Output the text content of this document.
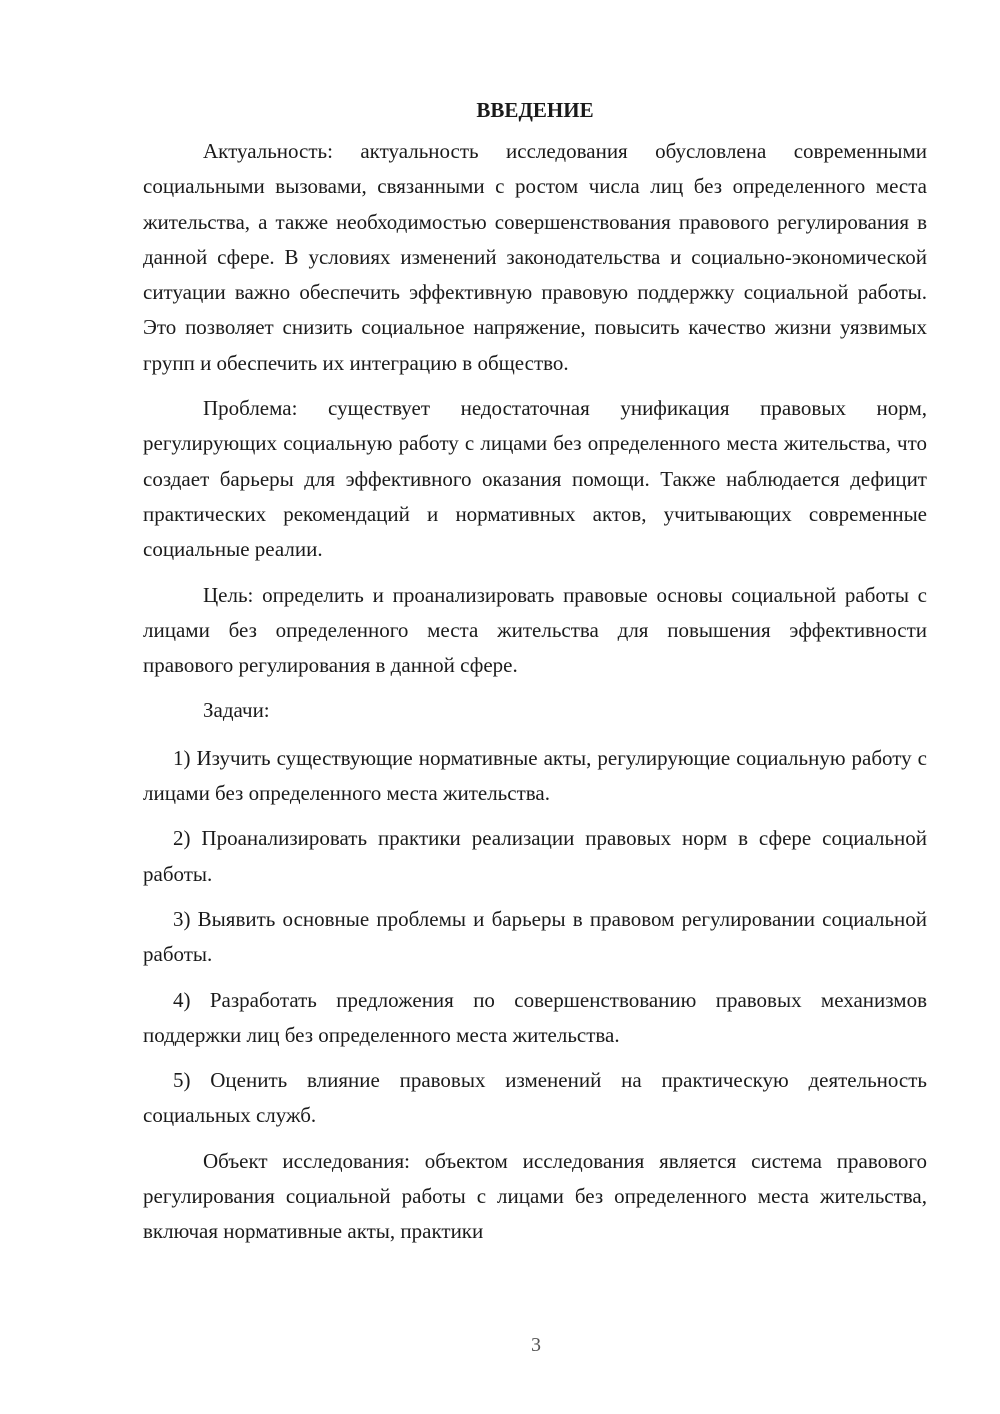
ВВЕДЕНИЕ

Актуальность: актуальность исследования обусловлена современными социальными вызовами, связанными с ростом числа лиц без определенного места жительства, а также необходимостью совершенствования правового регулирования в данной сфере. В условиях изменений законодательства и социально-экономической ситуации важно обеспечить эффективную правовую поддержку социальной работы. Это позволяет снизить социальное напряжение, повысить качество жизни уязвимых групп и обеспечить их интеграцию в общество.

Проблема: существует недостаточная унификация правовых норм, регулирующих социальную работу с лицами без определенного места жительства, что создает барьеры для эффективного оказания помощи. Также наблюдается дефицит практических рекомендаций и нормативных актов, учитывающих современные социальные реалии.

Цель: определить и проанализировать правовые основы социальной работы с лицами без определенного места жительства для повышения эффективности правового регулирования в данной сфере.

Задачи:

1) Изучить существующие нормативные акты, регулирующие социальную работу с лицами без определенного места жительства.

2) Проанализировать практики реализации правовых норм в сфере социальной работы.

3) Выявить основные проблемы и барьеры в правовом регулировании социальной работы.

4) Разработать предложения по совершенствованию правовых механизмов поддержки лиц без определенного места жительства.

5) Оценить влияние правовых изменений на практическую деятельность социальных служб.

Объект исследования: объектом исследования является система правового регулирования социальной работы с лицами без определенного места жительства, включая нормативные акты, практики

3
